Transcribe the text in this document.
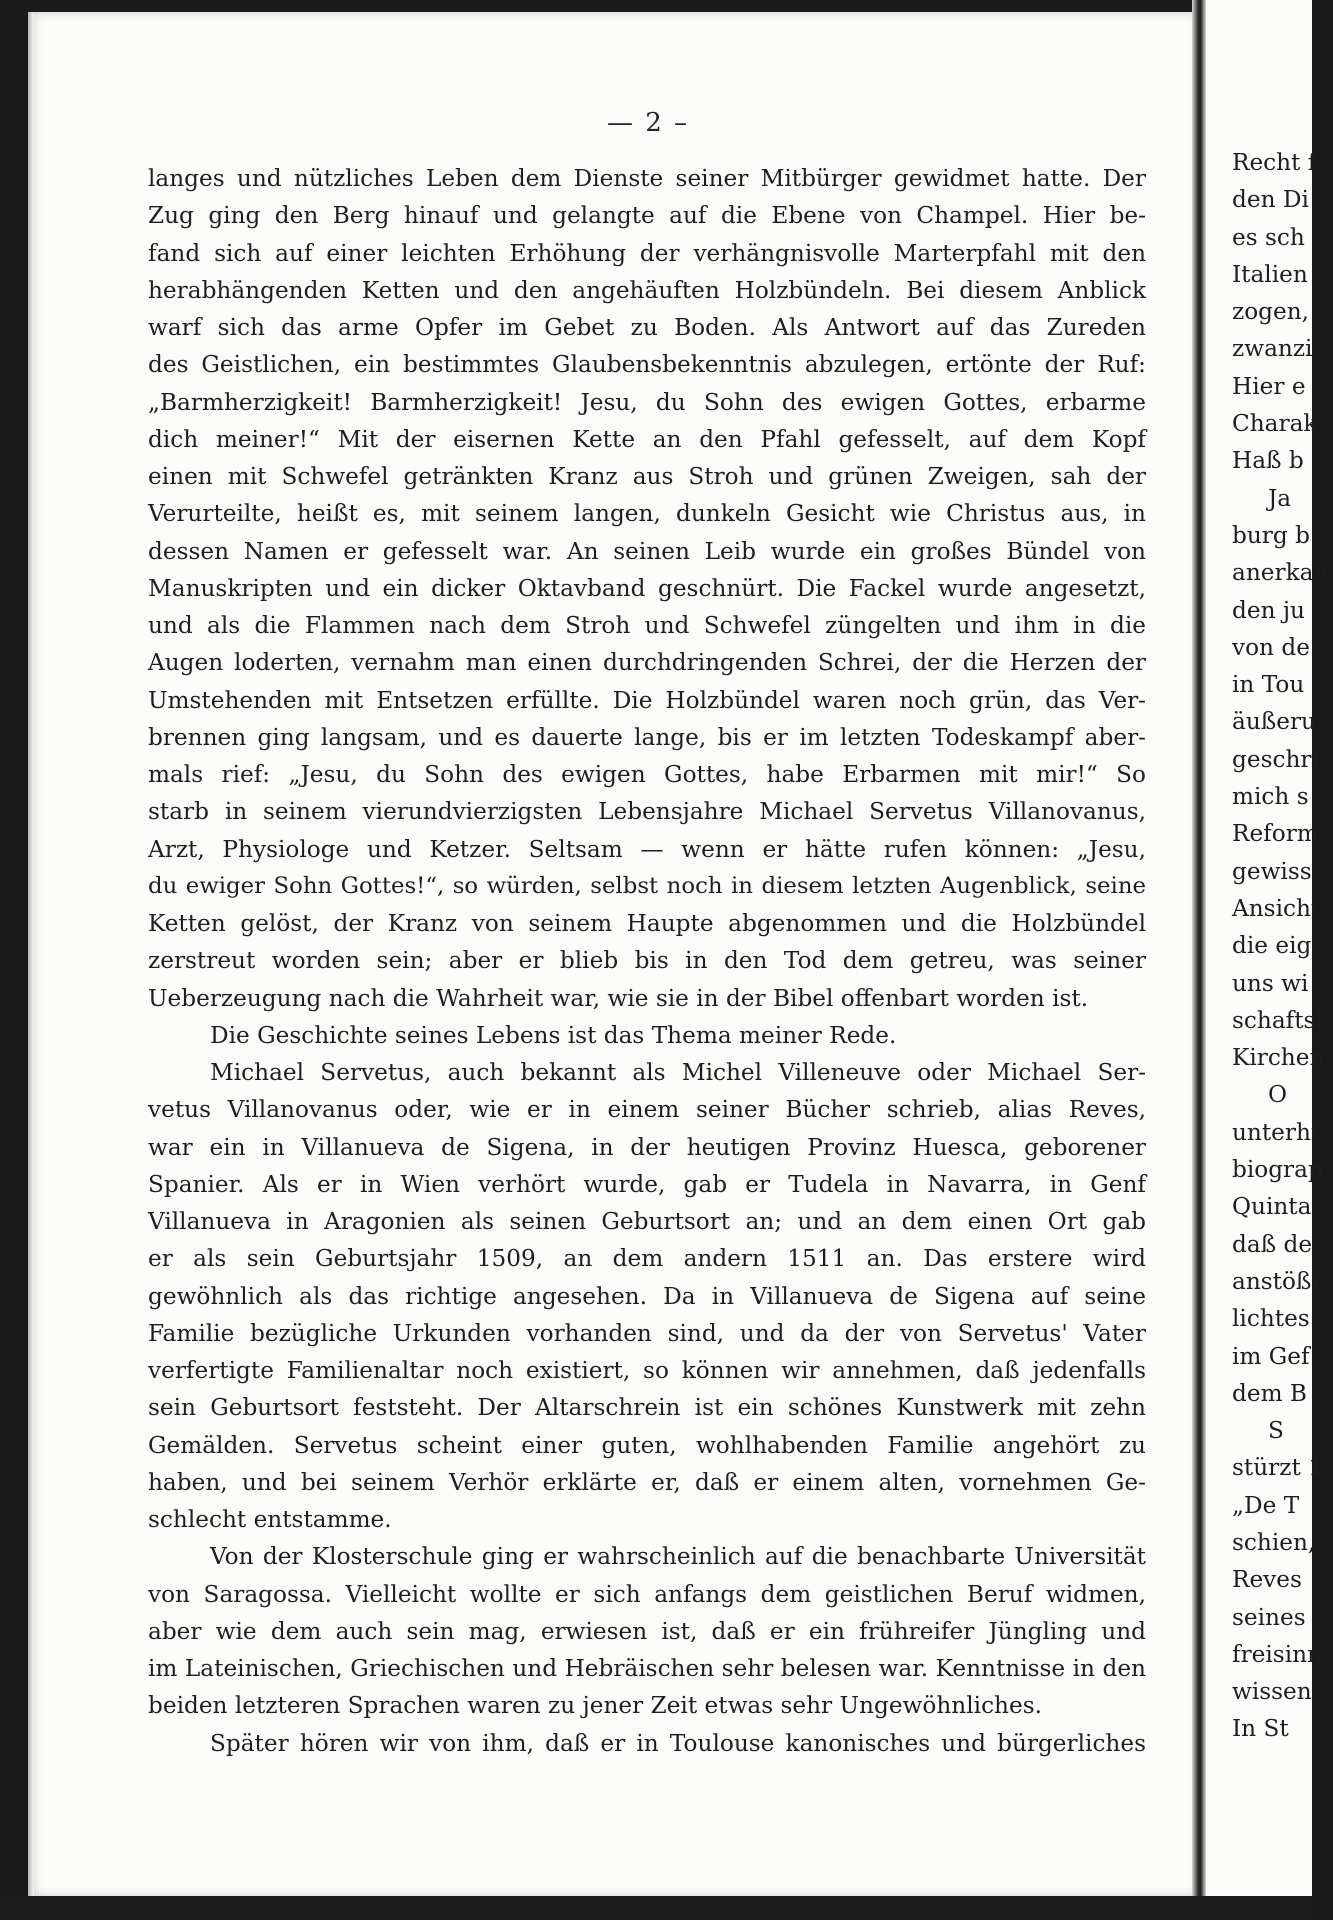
— 2 –
Recht f
den Di
es sch
Italien
zogen,
zwanzi
Hier e
Charak
Haß b
Ja
burg b
anerkan
den ju
von de
in Tou
äußeru
geschrie
mich s
Reform
gewisse
Ansicht
die eig
uns wi
schaftsl
Kirchen
O
unterhi
biograp
Quinta
daß de
anstößi
lichtes
im Gef
dem B
S
stürzt 1
„De T
schien,
Reves
seines
freisinn
wissen
In St
langes und nützliches Leben dem Dienste seiner Mitbürger gewidmet hatte. Der
Zug ging den Berg hinauf und gelangte auf die Ebene von Champel. Hier be-
fand sich auf einer leichten Erhöhung der verhängnisvolle Marterpfahl mit den
herabhängenden Ketten und den angehäuften Holzbündeln. Bei diesem Anblick
warf sich das arme Opfer im Gebet zu Boden. Als Antwort auf das Zureden
des Geistlichen, ein bestimmtes Glaubensbekenntnis abzulegen, ertönte der Ruf:
„Barmherzigkeit! Barmherzigkeit! Jesu, du Sohn des ewigen Gottes, erbarme
dich meiner!“ Mit der eisernen Kette an den Pfahl gefesselt, auf dem Kopf
einen mit Schwefel getränkten Kranz aus Stroh und grünen Zweigen, sah der
Verurteilte, heißt es, mit seinem langen, dunkeln Gesicht wie Christus aus, in
dessen Namen er gefesselt war. An seinen Leib wurde ein großes Bündel von
Manuskripten und ein dicker Oktavband geschnürt. Die Fackel wurde angesetzt,
und als die Flammen nach dem Stroh und Schwefel züngelten und ihm in die
Augen loderten, vernahm man einen durchdringenden Schrei, der die Herzen der
Umstehenden mit Entsetzen erfüllte. Die Holzbündel waren noch grün, das Ver-
brennen ging langsam, und es dauerte lange, bis er im letzten Todeskampf aber-
mals rief: „Jesu, du Sohn des ewigen Gottes, habe Erbarmen mit mir!“ So
starb in seinem vierundvierzigsten Lebensjahre Michael Servetus Villanovanus,
Arzt, Physiologe und Ketzer. Seltsam — wenn er hätte rufen können: „Jesu,
du ewiger Sohn Gottes!“, so würden, selbst noch in diesem letzten Augenblick, seine
Ketten gelöst, der Kranz von seinem Haupte abgenommen und die Holzbündel
zerstreut worden sein; aber er blieb bis in den Tod dem getreu, was seiner
Ueberzeugung nach die Wahrheit war, wie sie in der Bibel offenbart worden ist.
Die Geschichte seines Lebens ist das Thema meiner Rede.
Michael Servetus, auch bekannt als Michel Villeneuve oder Michael Ser-
vetus Villanovanus oder, wie er in einem seiner Bücher schrieb, alias Reves,
war ein in Villanueva de Sigena, in der heutigen Provinz Huesca, geborener
Spanier. Als er in Wien verhört wurde, gab er Tudela in Navarra, in Genf
Villanueva in Aragonien als seinen Geburtsort an; und an dem einen Ort gab
er als sein Geburtsjahr 1509, an dem andern 1511 an. Das erstere wird
gewöhnlich als das richtige angesehen. Da in Villanueva de Sigena auf seine
Familie bezügliche Urkunden vorhanden sind, und da der von Servetus' Vater
verfertigte Familienaltar noch existiert, so können wir annehmen, daß jedenfalls
sein Geburtsort feststeht. Der Altarschrein ist ein schönes Kunstwerk mit zehn
Gemälden. Servetus scheint einer guten, wohlhabenden Familie angehört zu
haben, und bei seinem Verhör erklärte er, daß er einem alten, vornehmen Ge-
schlecht entstamme.
Von der Klosterschule ging er wahrscheinlich auf die benachbarte Universität
von Saragossa. Vielleicht wollte er sich anfangs dem geistlichen Beruf widmen,
aber wie dem auch sein mag, erwiesen ist, daß er ein frühreifer Jüngling und
im Lateinischen, Griechischen und Hebräischen sehr belesen war. Kenntnisse in den
beiden letzteren Sprachen waren zu jener Zeit etwas sehr Ungewöhnliches.
Später hören wir von ihm, daß er in Toulouse kanonisches und bürgerliches
